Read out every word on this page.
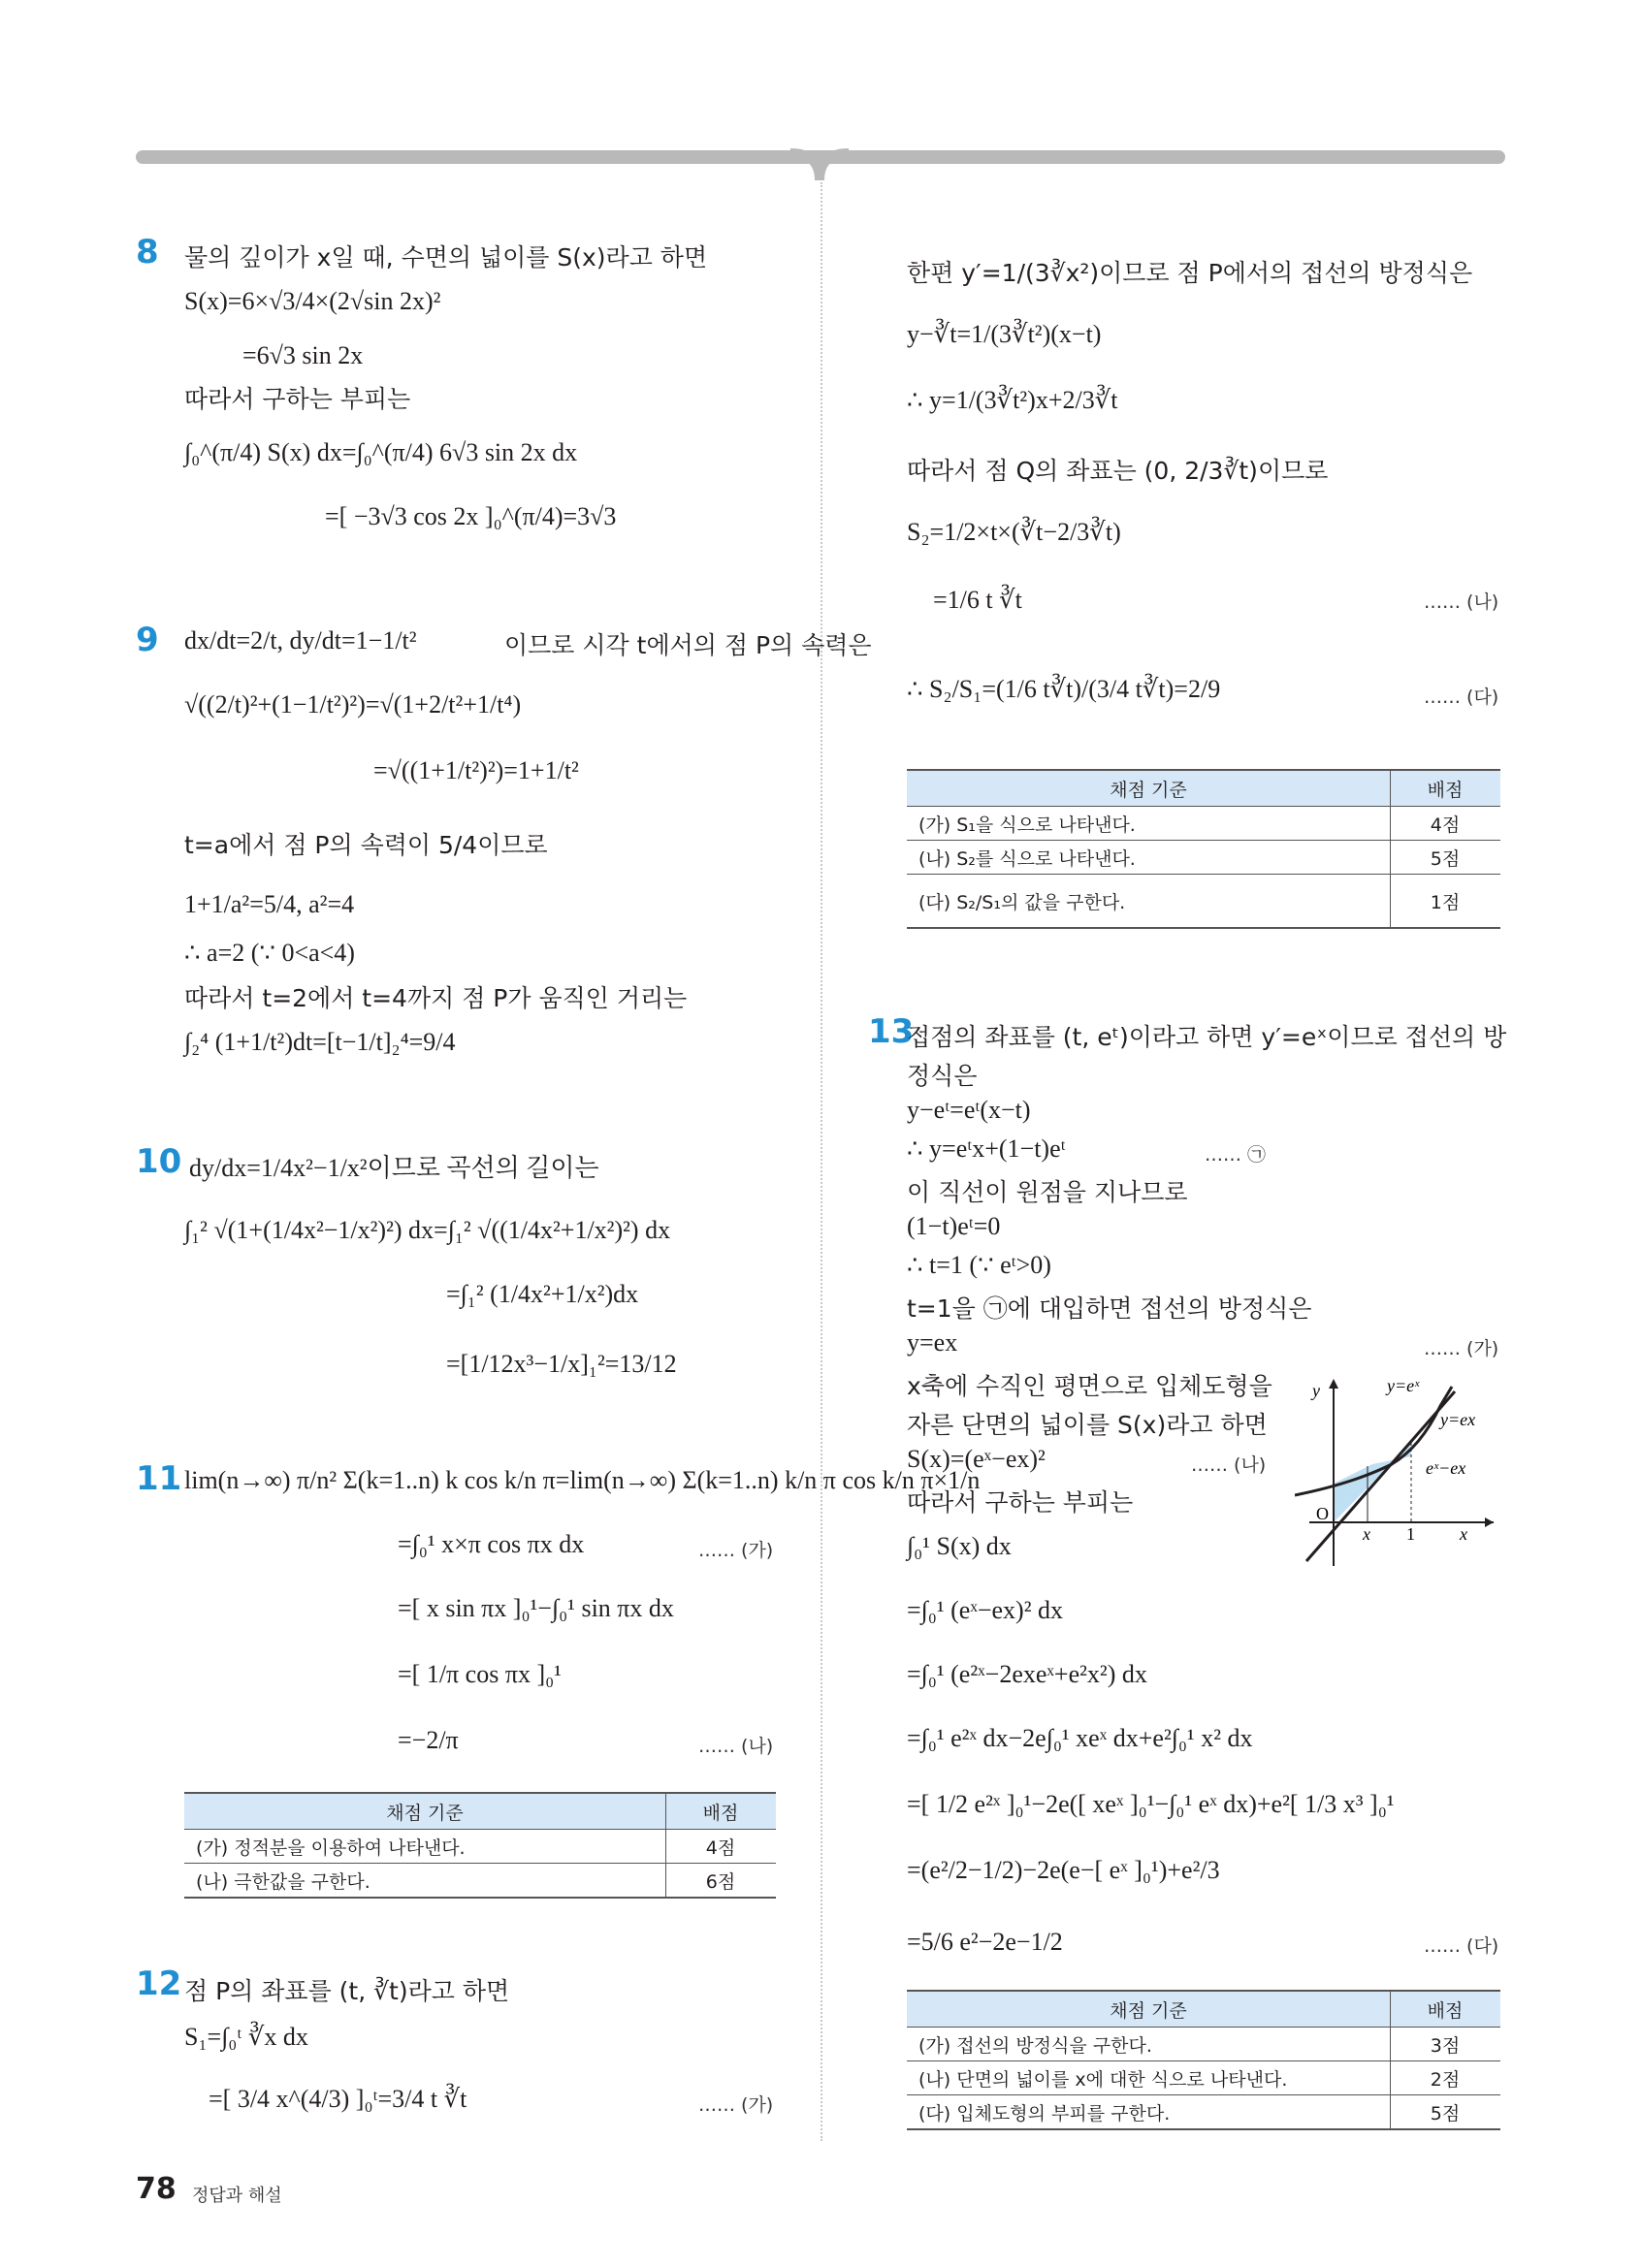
8 물의 깊이가 x일 때, 수면의 넓이를 S(x)라고 하면
S(x)=6×√3/4×(2√sin 2x)²
=6√3 sin 2x
따라서 구하는 부피는
∫₀^(π/4) S(x) dx=∫₀^(π/4) 6√3 sin 2x dx
=[ −3√3 cos 2x ]₀^(π/4)=3√3
9 dx/dt=2/t, dy/dt=1−1/t²	이므로 시각 t에서의 점 P의 속력은
√((2/t)²+(1−1/t²)²)=√(1+2/t²+1/t⁴)
=√((1+1/t²)²)=1+1/t²
t=a에서 점 P의 속력이 5/4이므로
1+1/a²=5/4, a²=4
∴ a=2 (∵ 0<a<4)
따라서 t=2에서 t=4까지 점 P가 움직인 거리는
∫₂⁴ (1+1/t²)dt=[t−1/t]₂⁴=9/4
10 dy/dx=1/4x²−1/x²이므로 곡선의 길이는
∫₁² √(1+(1/4x²−1/x²)²) dx=∫₁² √((1/4x²+1/x²)²) dx
=∫₁² (1/4x²+1/x²)dx
=[1/12x³−1/x]₁²=13/12
11 lim(n→∞) π/n² Σ(k=1..n) k cos k/n π=lim(n→∞) Σ(k=1..n) k/n π cos k/n π×1/n
=∫₀¹ x×π cos πx dx	…… (가)
=[ x sin πx ]₀¹−∫₀¹ sin πx dx
=[ 1/π cos πx ]₀¹
=−2/π	…… (나)
채점 기준	배점
(가) 정적분을 이용하여 나타낸다.	4점
(나) 극한값을 구한다.	6점
12 점 P의 좌표를 (t, ∛t)라고 하면
S₁=∫₀ᵗ ∛x dx
=[ 3/4 x^(4/3) ]₀ᵗ=3/4 t ∛t	…… (가)
78 정답과 해설
한편 y′=1/(3∛x²)이므로 점 P에서의 접선의 방정식은
y−∛t=1/(3∛t²)(x−t)
∴ y=1/(3∛t²)x+2/3∛t
따라서 점 Q의 좌표는 (0, 2/3∛t)이므로
S₂=1/2×t×(∛t−2/3∛t)
=1/6 t ∛t	…… (나)
∴ S₂/S₁=(1/6 t∛t)/(3/4 t∛t)=2/9	…… (다)
채점 기준	배점
(가) S₁을 식으로 나타낸다.	4점
(나) S₂를 식으로 나타낸다.	5점
(다) S₂/S₁의 값을 구한다.	1점
13
접점의 좌표를 (t, eᵗ)이라고 하면 y′=eˣ이므로 접선의 방
정식은
y−eᵗ=eᵗ(x−t)
∴ y=eᵗx+(1−t)eᵗ	…… ㉠
이 직선이 원점을 지나므로
(1−t)eᵗ=0
∴ t=1 (∵ eᵗ>0)
t=1을 ㉠에 대입하면 접선의 방정식은
y=ex	…… (가)
x축에 수직인 평면으로 입체도형을
자른 단면의 넓이를 S(x)라고 하면
S(x)=(eˣ−ex)²	…… (나)
따라서 구하는 부피는
∫₀¹ S(x) dx
y	y=eˣ
y=ex
eˣ−ex
O
x 1	x
=∫₀¹ (eˣ−ex)² dx
=∫₀¹ (e²ˣ−2exeˣ+e²x²) dx
=∫₀¹ e²ˣ dx−2e∫₀¹ xeˣ dx+e²∫₀¹ x² dx
=[ 1/2 e²ˣ ]₀¹−2e([ xeˣ ]₀¹−∫₀¹ eˣ dx)+e²[ 1/3 x³ ]₀¹
=(e²/2−1/2)−2e(e−[ eˣ ]₀¹)+e²/3
=5/6 e²−2e−1/2	…… (다)
채점 기준	배점
(가) 접선의 방정식을 구한다.	3점
(나) 단면의 넓이를 x에 대한 식으로 나타낸다.	2점
(다) 입체도형의 부피를 구한다.	5점
